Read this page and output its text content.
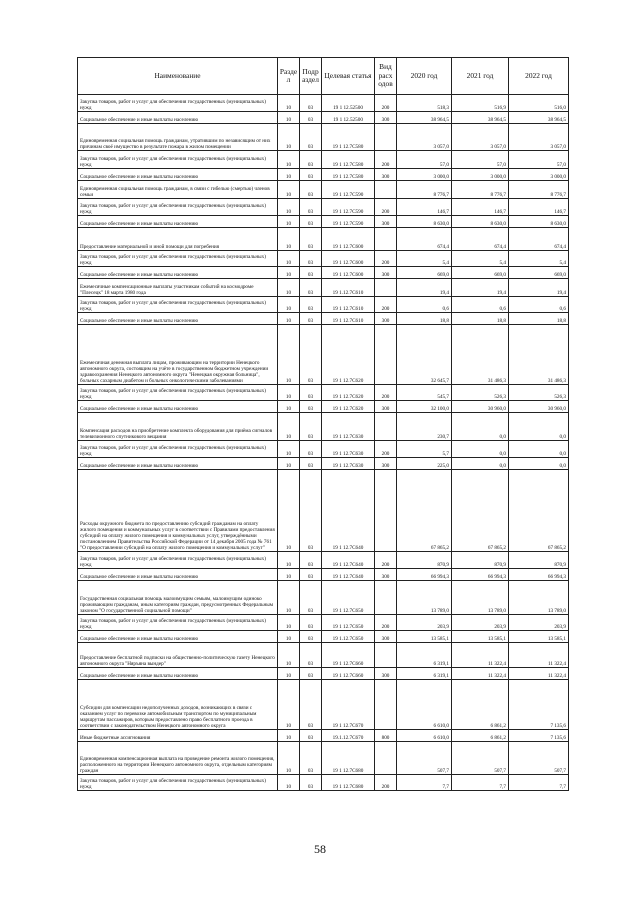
Наименование	Разде л	Подр аздел	Целевая статья	Вид расх одов	2020 год	2021 год	2022 год
Закупка товаров, работ и услуг для обеспечения государственных (муниципальных) нужд	10	03	19 1 12.52500	200	518,3	516,9	516,0
Социальное обеспечение и иные выплаты населению	10	03	19 1 12.52500	300	38 964,5	38 964,5	38 964,5
Единовременная социальная помощь гражданам, утратившим по независящим от них причинам своё имущество в результате пожара в жилом помещении	10	03	19 1 12.7С580		3 057,0	3 057,0	3 057,0
Закупка товаров, работ и услуг для обеспечения государственных (муниципальных) нужд	10	03	19 1 12.7С580	200	57,0	57,0	57,0
Социальное обеспечение и иные выплаты населению	10	03	19 1 12.7С580	300	3 000,0	3 000,0	3 000,0
Единовременная социальная помощь гражданам, в связи с гибелью (смертью) членов семьи	10	03	19 1 12.7С590		8 776,7	8 776,7	8 776,7
Закупка товаров, работ и услуг для обеспечения государственных (муниципальных) нужд	10	03	19 1 12.7С590	200	146,7	146,7	146,7
Социальное обеспечение и иные выплаты населению	10	03	19 1 12.7С590	300	8 630,0	8 630,0	8 630,0
Предоставление материальной и иной помощи для погребения	10	03	19 1 12.7С600		674,4	674,4	674,4
Закупка товаров, работ и услуг для обеспечения государственных (муниципальных) нужд	10	03	19 1 12.7С600	200	5,4	5,4	5,4
Социальное обеспечение и иные выплаты населению	10	03	19 1 12.7С600	300	669,0	669,0	669,0
Ежемесячные компенсационные выплаты участникам событий на космодроме "Плесецк" 18 марта 1980 года	10	03	19 1.12.7С610		19,4	19,4	19,4
Закупка товаров, работ и услуг для обеспечения государственных (муниципальных) нужд	10	03	19 1 12.7С610	200	0,6	0,6	0,6
Социальное обеспечение и иные выплаты населению	10	03	19 1 12.7С610	300	18,8	18,8	18,8
Ежемесячная денежная выплата лицам, проживающим на территории Ненецкого автономного округа, состоящим на учёте в государственном бюджетном учреждении здравоохранения Ненецкого автономного округа "Ненецкая окружная больница", больных сахарным диабетом и больных онкологическими заболеваниями	10	03	19 1 12.7С620		32 645,7	31 486,3	31 486,3
Закупка товаров, работ и услуг для обеспечения государственных (муниципальных) нужд	10	03	19 1 12.7С620	200	545,7	526,3	526,3
Социальное обеспечение и иные выплаты населению	10	03	19 1 12.7С620	300	32 100,0	30 960,0	30 960,0
Компенсация расходов на приобретение комплекта оборудования для приёма сигналов телевизионного спутникового вещания	10	03	19 1 12.7С630		230,7	0,0	0,0
Закупка товаров, работ и услуг для обеспечения государственных (муниципальных) нужд	10	03	19 1 12.7С630	200	5,7	0,0	0,0
Социальное обеспечение и иные выплаты населению	10	03	19 1 12.7С630	300	225,0	0,0	0,0
Расходы окружного бюджета по предоставлению субсидий гражданам на оплату жилого помещения и коммунальных услуг в соответствии с Правилами предоставления субсидий на оплату жилого помещения и коммунальных услуг, утверждёнными постановлением Правительства Российской Федерации от 14 декабря 2005 года № 761 "О предоставлении субсидий на оплату жилого помещения и коммунальных услуг"	10	03	19 1 12.7С640		67 865,2	67 865,2	67 865,2
Закупка товаров, работ и услуг для обеспечения государственных (муниципальных) нужд	10	03	19 1 12.7С640	200	870,9	870,9	870,9
Социальное обеспечение и иные выплаты населению	10	03	19 1 12.7С640	300	66 994,3	66 994,3	66 994,3
Государственная социальная помощь малоимущим семьям, малоимущим одиноко проживающим гражданам, иным категориям граждан, предусмотренных Федеральным законом "О государственной социальной помощи"	10	03	19 1 12.7С650		13 789,0	13 789,0	13 789,0
Закупка товаров, работ и услуг для обеспечения государственных (муниципальных) нужд	10	03	19 1 12.7С650	200	203,9	203,9	203,9
Социальное обеспечение и иные выплаты населению	10	03	19 1.12.7С650	300	13 585,1	13 585,1	13 585,1
Предоставление бесплатной подписки на общественно-политическую газету Ненецкого автономного округа "Няръяна вындер"	10	03	19 1 12.7С660		6 319,1	11 322,4	11 322,4
Социальное обеспечение и иные выплаты населению	10	03	19 1 12.7С660	300	6 319,1	11 322,4	11 322,4
Субсидии для компенсации недополученных доходов, возникающих в связи с оказанием услуг по перевозке автомобильным транспортом по муниципальным маршрутам пассажиров, которым предоставлено право бесплатного проезда в соответствии с законодательством Ненецкого автономного округа	10	03	19 1 12.7С670		6 610,0	6 861,2	7 135,6
Иные бюджетные ассигнования	10	03	19.1.12.7С670	800	6 610,0	6 861,2	7 135,6
Единовременная компенсационная выплата на проведение ремонта жилого помещения, расположенного на территории Ненецкого автономного округа, отдельным категориям граждан	10	03	19 1 12.7С680		507,7	507,7	507,7
Закупка товаров, работ и услуг для обеспечения государственных (муниципальных) нужд	10	03	19 1 12.7С680	200	7,7	7,7	7,7
58
